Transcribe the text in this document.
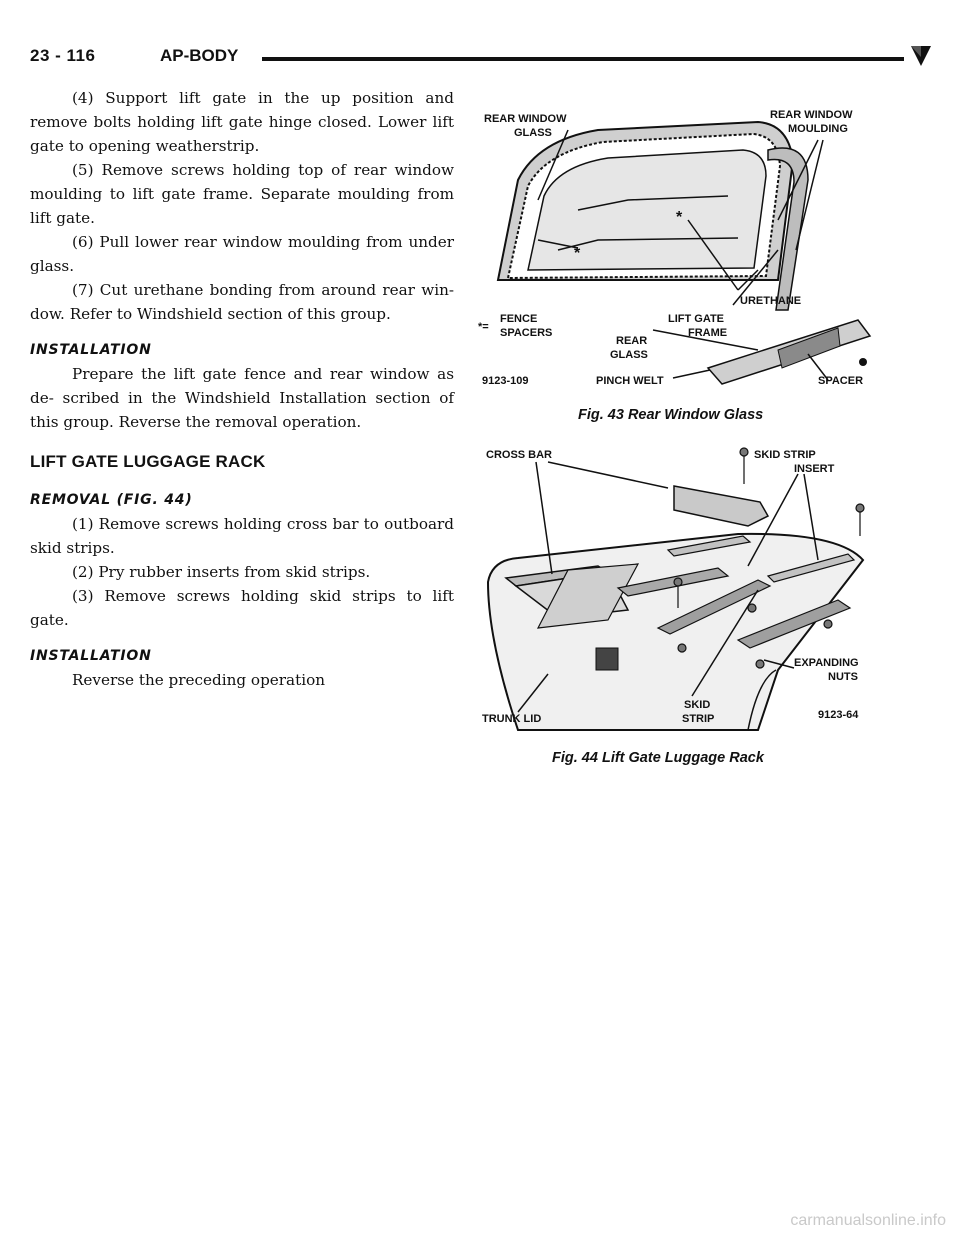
23 - 116	AP-BODY

(4) Support lift gate in the up position and remove bolts holding lift gate hinge closed. Lower lift gate to opening weatherstrip.

(5) Remove screws holding top of rear window moulding to lift gate frame. Separate moulding from lift gate.

(6) Pull lower rear window moulding from under glass.

(7) Cut urethane bonding from around rear win- dow. Refer to Windshield section of this group.

INSTALLATION

Prepare the lift gate fence and rear window as de- scribed in the Windshield Installation section of this group. Reverse the removal operation.

LIFT GATE LUGGAGE RACK
REMOVAL (FIG. 44)

(1) Remove screws holding cross bar to outboard skid strips.

(2) Pry rubber inserts from skid strips.

(3) Remove screws holding skid strips to lift gate.

INSTALLATION

Reverse the preceding operation

REAR WINDOW
GLASS
REAR WINDOW
MOULDING
*
*
*=
FENCE
SPACERS
URETHANE
LIFT GATE
FRAME
REAR
GLASS
9123-109	PINCH WELT	SPACER
Fig. 43 Rear Window Glass
CROSS BAR	SKID STRIP
INSERT
EXPANDING
NUTS
TRUNK LID
SKID
STRIP	9123-64
Fig. 44 Lift Gate Luggage Rack
carmanualsonline.info
